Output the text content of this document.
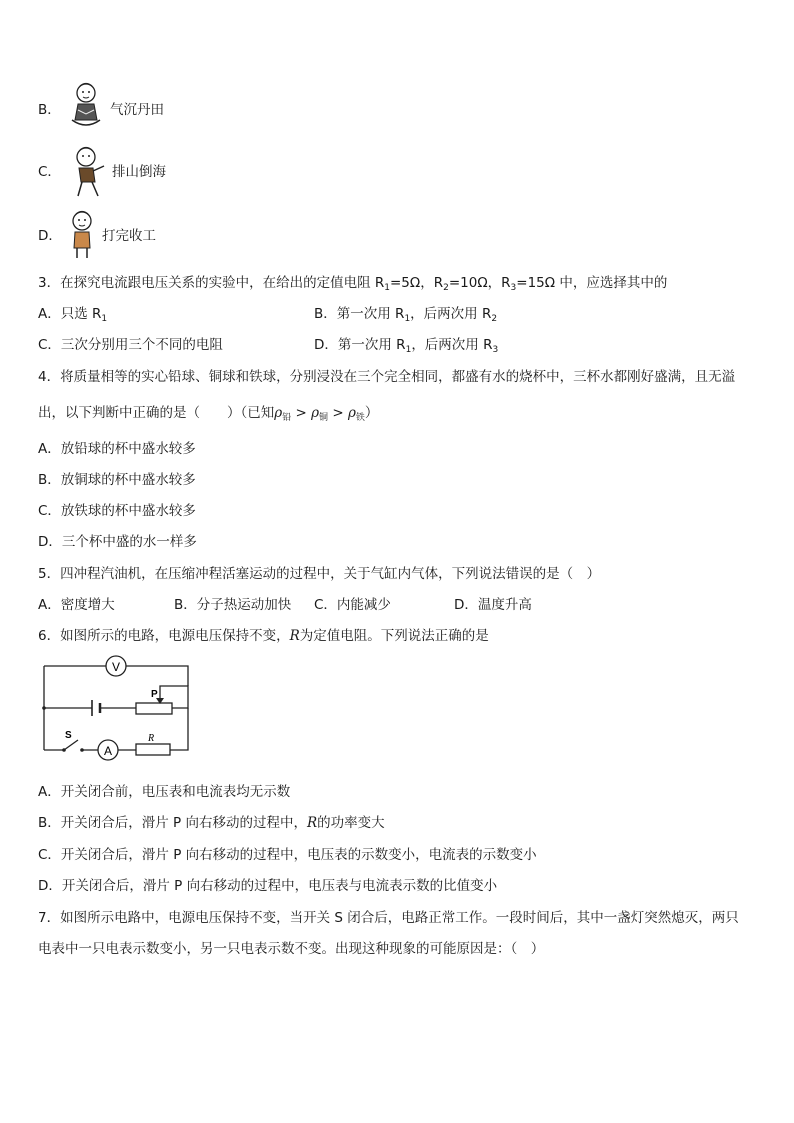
B．	气沉丹田
C．	排山倒海
D．	打完收工
3．在探究电流跟电压关系的实验中，在给出的定值电阻 $R_1=5\Omega$，$R_2=10\Omega$，$R_3=15\Omega$ 中，应选择其中的
A．只选 $R_1$	B．第一次用 $R_1$，后两次用 $R_2$
C．三次分别用三个不同的电阻	D．第一次用 $R_1$，后两次用 $R_3$
4．将质量相等的实心铅球、铜球和铁球，分别浸没在三个完全相同，都盛有水的烧杯中，三杯水都刚好盛满，且无溢
出，以下判断中正确的是（　　）（已知$\rho_铅 > \rho_铜 > \rho_铁$）
A．放铅球的杯中盛水较多
B．放铜球的杯中盛水较多
C．放铁球的杯中盛水较多
D．三个杯中盛的水一样多
5．四冲程汽油机，在压缩冲程活塞运动的过程中，关于气缸内气体，下列说法错误的是（　）
A．密度增大	B．分子热运动加快 C．内能减少	D．温度升高
6．如图所示的电路，电源电压保持不变，R为定值电阻。下列说法正确的是
V
A
P
S	R
A．开关闭合前，电压表和电流表均无示数
B．开关闭合后，滑片 P 向右移动的过程中，R的功率变大
C．开关闭合后，滑片 P 向右移动的过程中，电压表的示数变小，电流表的示数变小
D．开关闭合后，滑片 P 向右移动的过程中，电压表与电流表示数的比值变小
7．如图所示电路中，电源电压保持不变，当开关 S 闭合后，电路正常工作。一段时间后，其中一盏灯突然熄灭，两只
电表中一只电表示数变小，另一只电表示数不变。出现这种现象的可能原因是：（　）
